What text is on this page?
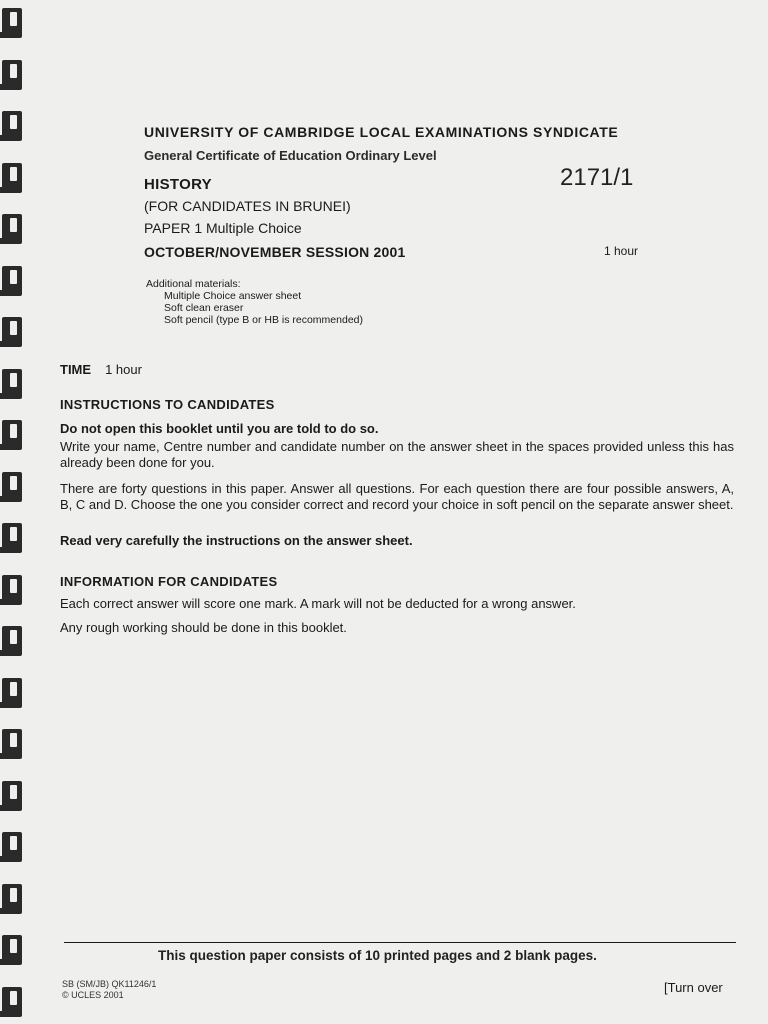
UNIVERSITY OF CAMBRIDGE LOCAL EXAMINATIONS SYNDICATE
General Certificate of Education Ordinary Level
HISTORY	2171/1
(FOR CANDIDATES IN BRUNEI)
PAPER 1 Multiple Choice
OCTOBER/NOVEMBER SESSION 2001	1 hour
Additional materials:
Multiple Choice answer sheet
Soft clean eraser
Soft pencil (type B or HB is recommended)
TIME 1 hour
INSTRUCTIONS TO CANDIDATES
Do not open this booklet until you are told to do so.
Write your name, Centre number and candidate number on the answer sheet in the spaces provided unless this has already been done for you.
There are forty questions in this paper. Answer all questions. For each question there are four possible answers, A, B, C and D. Choose the one you consider correct and record your choice in soft pencil on the separate answer sheet.
Read very carefully the instructions on the answer sheet.
INFORMATION FOR CANDIDATES
Each correct answer will score one mark. A mark will not be deducted for a wrong answer.
Any rough working should be done in this booklet.
This question paper consists of 10 printed pages and 2 blank pages.
SB (SM/JB) QK11246/1
© UCLES 2001	[Turn over
